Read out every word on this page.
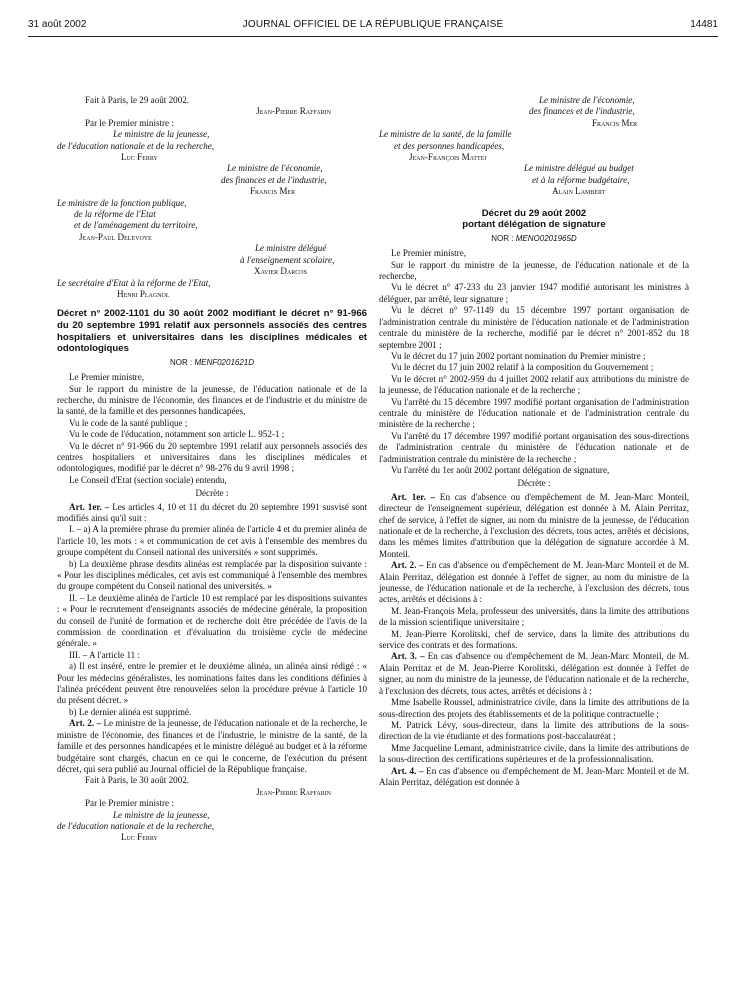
31 août 2002	JOURNAL OFFICIEL DE LA RÉPUBLIQUE FRANÇAISE	14481

Fait à Paris, le 29 août 2002.

Jean-Pierre Raffarin

Par le Premier ministre :

Le ministre de la jeunesse,

de l'éducation nationale et de la recherche,

Luc Ferry

Le ministre de l'économie,

des finances et de l'industrie,

Francis Mer

Le ministre de la fonction publique,

de la réforme de l'Etat

et de l'aménagement du territoire,

Jean-Paul Delevoye

Le ministre délégué

à l'enseignement scolaire,

Xavier Darcos

Le secrétaire d'Etat à la réforme de l'Etat,

Henri Plagnol

Décret n° 2002-1101 du 30 août 2002 modifiant le décret n° 91-966 du 20 septembre 1991 relatif aux personnels associés des centres hospitaliers et universitaires dans les disciplines médicales et odontologiques
NOR : MENF0201621D

Le Premier ministre,

Sur le rapport du ministre de la jeunesse, de l'éducation nationale et de la recherche, du ministre de l'économie, des finances et de l'industrie et du ministre de la santé, de la famille et des personnes handicapées,

Vu le code de la santé publique ;

Vu le code de l'éducation, notamment son article L. 952-1 ;

Vu le décret n° 91-966 du 20 septembre 1991 relatif aux personnels associés des centres hospitaliers et universitaires dans les disciplines médicales et odontologiques, modifié par le décret n° 98-276 du 9 avril 1998 ;

Le Conseil d'Etat (section sociale) entendu,

Décrète :

Art. 1er. – Les articles 4, 10 et 11 du décret du 20 septembre 1991 susvisé sont modifiés ainsi qu'il suit :

I. – a) A la première phrase du premier alinéa de l'article 4 et du premier alinéa de l'article 10, les mots : « et communication de cet avis à l'ensemble des membres du groupe compétent du Conseil national des universités » sont supprimés.

b) La deuxième phrase desdits alinéas est remplacée par la disposition suivante : « Pour les disciplines médicales, cet avis est communiqué à l'ensemble des membres du groupe compétent du Conseil national des universités. »

II. – Le deuxième alinéa de l'article 10 est remplacé par les dispositions suivantes : « Pour le recrutement d'enseignants associés de médecine générale, la proposition du conseil de l'unité de formation et de recherche doit être précédée de l'avis de la commission de coordination et d'évaluation du troisième cycle de médecine générale. »

III. – A l'article 11 :

a) Il est inséré, entre le premier et le deuxième alinéa, un alinéa ainsi rédigé : « Pour les médecins généralistes, les nominations faites dans les conditions définies à l'alinéa précédent peuvent être renouvelées selon la procédure prévue à l'article 10 du présent décret. »

b) Le dernier alinéa est supprimé.

Art. 2. – Le ministre de la jeunesse, de l'éducation nationale et de la recherche, le ministre de l'économie, des finances et de l'industrie, le ministre de la santé, de la famille et des personnes handicapées et le ministre délégué au budget et à la réforme budgétaire sont chargés, chacun en ce qui le concerne, de l'exécution du présent décret, qui sera publié au Journal officiel de la République française.

Fait à Paris, le 30 août 2002.

Jean-Pierre Raffarin

Par le Premier ministre :

Le ministre de la jeunesse,

de l'éducation nationale et de la recherche,

Luc Ferry

Le ministre de l'économie,

des finances et de l'industrie,

Francis Mer

Le ministre de la santé, de la famille

et des personnes handicapées,

Jean-François Mattei

Le ministre délégué au budget

et à la réforme budgétaire,

Alain Lambert

Décret du 29 août 2002
portant délégation de signature
NOR : MENO0201965D

Le Premier ministre,

Sur le rapport du ministre de la jeunesse, de l'éducation nationale et de la recherche,

Vu le décret n° 47-233 du 23 janvier 1947 modifié autorisant les ministres à déléguer, par arrêté, leur signature ;

Vu le décret n° 97-1149 du 15 décembre 1997 portant organisation de l'administration centrale du ministère de l'éducation nationale et de l'administration centrale du ministère de la recherche, modifié par le décret n° 2001-852 du 18 septembre 2001 ;

Vu le décret du 17 juin 2002 portant nomination du Premier ministre ;

Vu le décret du 17 juin 2002 relatif à la composition du Gouvernement ;

Vu le décret n° 2002-959 du 4 juillet 2002 relatif aux attributions du ministre de la jeunesse, de l'éducation nationale et de la recherche ;

Vu l'arrêté du 15 décembre 1997 modifié portant organisation de l'administration centrale du ministère de l'éducation nationale et de l'administration centrale du ministère de la recherche ;

Vu l'arrêté du 17 décembre 1997 modifié portant organisation des sous-directions de l'administration centrale du ministère de l'éducation nationale et de l'administration centrale du ministère de la recherche ;

Vu l'arrêté du 1er août 2002 portant délégation de signature,

Décrète :

Art. 1er. – En cas d'absence ou d'empêchement de M. Jean-Marc Monteil, directeur de l'enseignement supérieur, délégation est donnée à M. Alain Perritaz, chef de service, à l'effet de signer, au nom du ministre de la jeunesse, de l'éducation nationale et de la recherche, à l'exclusion des décrets, tous actes, arrêtés et décisions, dans les mêmes limites d'attribution que la délégation de signature accordée à M. Monteil.

Art. 2. – En cas d'absence ou d'empêchement de M. Jean-Marc Monteil et de M. Alain Perritaz, délégation est donnée à l'effet de signer, au nom du ministre de la jeunesse, de l'éducation nationale et de la recherche, à l'exclusion des décrets, tous actes, arrêtés et décisions à :

M. Jean-François Mela, professeur des universités, dans la limite des attributions de la mission scientifique universitaire ;

M. Jean-Pierre Korolitski, chef de service, dans la limite des attributions du service des contrats et des formations.

Art. 3. – En cas d'absence ou d'empêchement de M. Jean-Marc Monteil, de M. Alain Perritaz et de M. Jean-Pierre Korolitski, délégation est donnée à l'effet de signer, au nom du ministre de la jeunesse, de l'éducation nationale et de la recherche, à l'exclusion des décrets, tous actes, arrêtés et décisions à :

Mme Isabelle Roussel, administratrice civile, dans la limite des attributions de la sous-direction des projets des établissements et de la politique contractuelle ;

M. Patrick Lévy, sous-directeur, dans la limite des attributions de la sous-direction de la vie étudiante et des formations post-baccalauréat ;

Mme Jacqueline Lemant, administratrice civile, dans la limite des attributions de la sous-direction des certifications supérieures et de la professionnalisation.

Art. 4. – En cas d'absence ou d'empêchement de M. Jean-Marc Monteil et de M. Alain Perritaz, délégation est donnée à
